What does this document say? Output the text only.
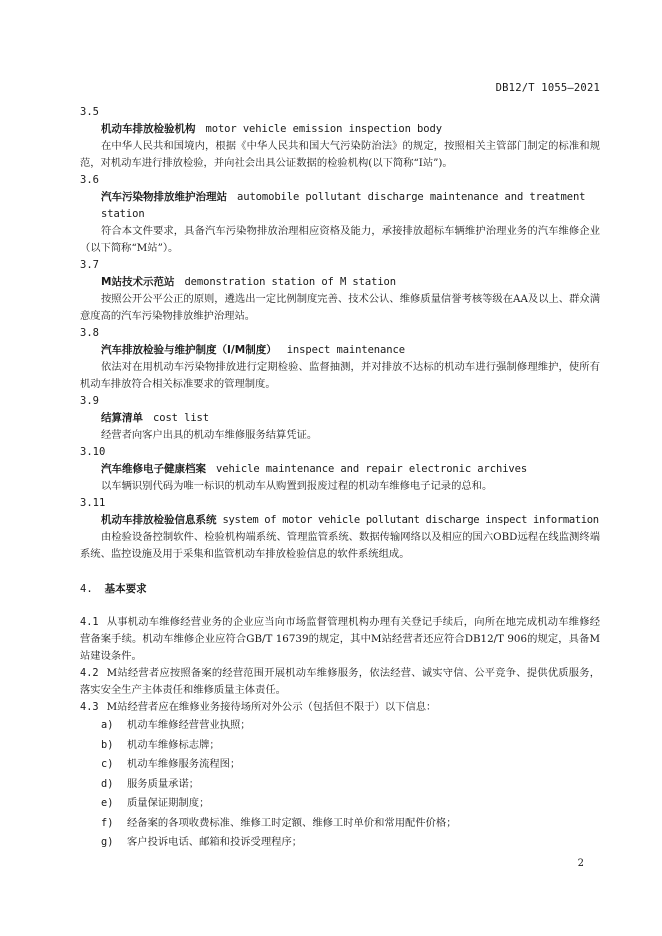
DB12/T 1055—2021
3.5
机动车排放检验机构 motor vehicle emission inspection body
在中华人民共和国境内，根据《中华人民共和国大气污染防治法》的规定，按照相关主管部门制定的标准和规范，对机动车进行排放检验，并向社会出具公证数据的检验机构(以下简称“I站”)。
3.6
汽车污染物排放维护治理站 automobile pollutant discharge maintenance and treatment station
符合本文件要求，具备汽车污染物排放治理相应资格及能力，承接排放超标车辆维护治理业务的汽车维修企业（以下简称“M站”）。
3.7
M站技术示范站 demonstration station of M station
按照公开公平公正的原则，遴选出一定比例制度完善、技术公认、维修质量信誉考核等级在AA及以上、群众满意度高的汽车污染物排放维护治理站。
3.8
汽车排放检验与维护制度（I/M制度） inspect maintenance
依法对在用机动车污染物排放进行定期检验、监督抽测，并对排放不达标的机动车进行强制修理维护，使所有机动车排放符合相关标准要求的管理制度。
3.9
结算清单 cost list
经营者向客户出具的机动车维修服务结算凭证。
3.10
汽车维修电子健康档案 vehicle maintenance and repair electronic archives
以车辆识别代码为唯一标识的机动车从购置到报废过程的机动车维修电子记录的总和。
3.11
机动车排放检验信息系统 system of motor vehicle pollutant discharge inspect information
由检验设备控制软件、检验机构端系统、管理监管系统、数据传输网络以及相应的国六OBD远程在线监测终端系统、监控设施及用于采集和监管机动车排放检验信息的软件系统组成。
4. 基本要求
4.1 从事机动车维修经营业务的企业应当向市场监督管理机构办理有关登记手续后，向所在地完成机动车维修经营备案手续。机动车维修企业应符合GB/T 16739的规定，其中M站经营者还应符合DB12/T 906的规定，具备M站建设条件。
4.2 M站经营者应按照备案的经营范围开展机动车维修服务，依法经营、诚实守信、公平竞争、提供优质服务，落实安全生产主体责任和维修质量主体责任。
4.3 M站经营者应在维修业务接待场所对外公示（包括但不限于）以下信息：
a) 机动车维修经营营业执照；
b) 机动车维修标志牌；
c) 机动车维修服务流程图；
d) 服务质量承诺；
e) 质量保证期制度；
f) 经备案的各项收费标准、维修工时定额、维修工时单价和常用配件价格；
g) 客户投诉电话、邮箱和投诉受理程序；
2
